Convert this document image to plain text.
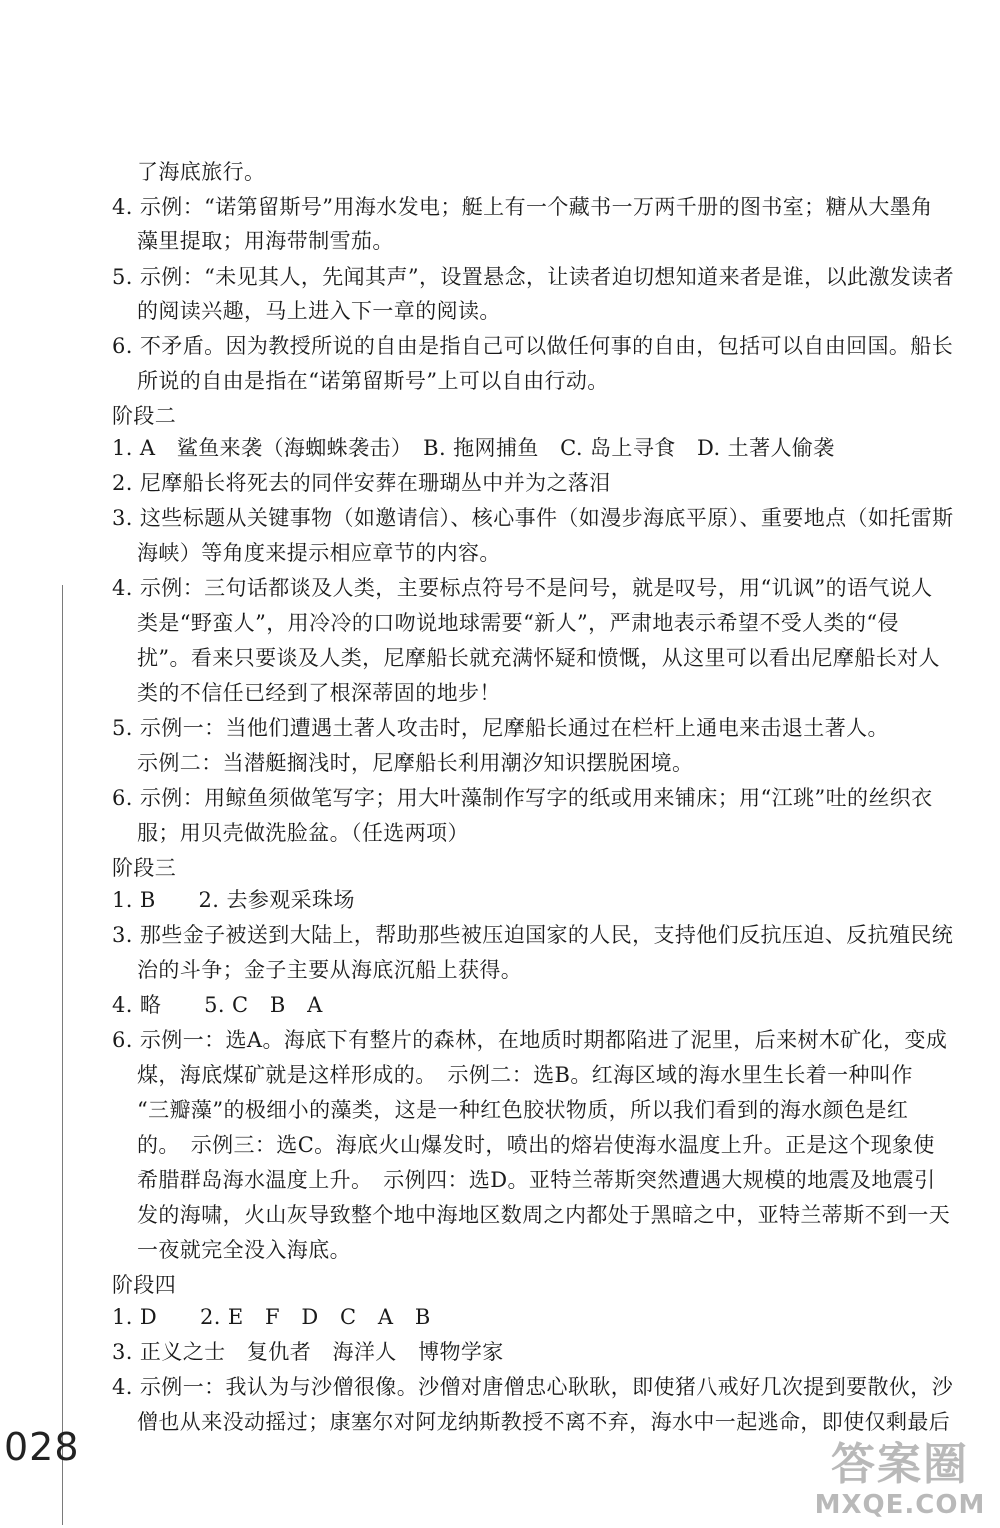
了海底旅行。
4. 示例：“诺第留斯号”用海水发电；艇上有一个藏书一万两千册的图书室；糖从大墨角
藻里提取；用海带制雪茄。
5. 示例：“未见其人，先闻其声”，设置悬念，让读者迫切想知道来者是谁，以此激发读者
的阅读兴趣，马上进入下一章的阅读。
6. 不矛盾。因为教授所说的自由是指自己可以做任何事的自由，包括可以自由回国。船长
所说的自由是指在“诺第留斯号”上可以自由行动。
阶段二
1. A　鲨鱼来袭（海蜘蛛袭击）　B. 拖网捕鱼　C. 岛上寻食　D. 土著人偷袭
2. 尼摩船长将死去的同伴安葬在珊瑚丛中并为之落泪
3. 这些标题从关键事物（如邀请信）、核心事件（如漫步海底平原）、重要地点（如托雷斯
海峡）等角度来提示相应章节的内容。
4. 示例：三句话都谈及人类，主要标点符号不是问号，就是叹号，用“讥讽”的语气说人
类是“野蛮人”，用冷冷的口吻说地球需要“新人”，严肃地表示希望不受人类的“侵
扰”。看来只要谈及人类，尼摩船长就充满怀疑和愤慨，从这里可以看出尼摩船长对人
类的不信任已经到了根深蒂固的地步！
5. 示例一：当他们遭遇土著人攻击时，尼摩船长通过在栏杆上通电来击退土著人。
示例二：当潜艇搁浅时，尼摩船长利用潮汐知识摆脱困境。
6. 示例：用鲸鱼须做笔写字；用大叶藻制作写字的纸或用来铺床；用“江珧”吐的丝织衣
服；用贝壳做洗脸盆。（任选两项）
阶段三
1. B　　2. 去参观采珠场
3. 那些金子被送到大陆上，帮助那些被压迫国家的人民，支持他们反抗压迫、反抗殖民统
治的斗争；金子主要从海底沉船上获得。
4. 略　　5. C　B　A
6. 示例一：选A。海底下有整片的森林，在地质时期都陷进了泥里，后来树木矿化，变成
煤，海底煤矿就是这样形成的。　示例二：选B。红海区域的海水里生长着一种叫作
“三瓣藻”的极细小的藻类，这是一种红色胶状物质，所以我们看到的海水颜色是红
的。　示例三：选C。海底火山爆发时，喷出的熔岩使海水温度上升。正是这个现象使
希腊群岛海水温度上升。　示例四：选D。亚特兰蒂斯突然遭遇大规模的地震及地震引
发的海啸，火山灰导致整个地中海地区数周之内都处于黑暗之中，亚特兰蒂斯不到一天
一夜就完全没入海底。
阶段四
1. D　　2. E　F　D　C　A　B
3. 正义之士　复仇者　海洋人　博物学家
4. 示例一：我认为与沙僧很像。沙僧对唐僧忠心耿耿，即使猪八戒好几次提到要散伙，沙
僧也从来没动摇过；康塞尔对阿龙纳斯教授不离不弃，海水中一起逃命，即使仅剩最后
028	答案圈
MXQE.COM
